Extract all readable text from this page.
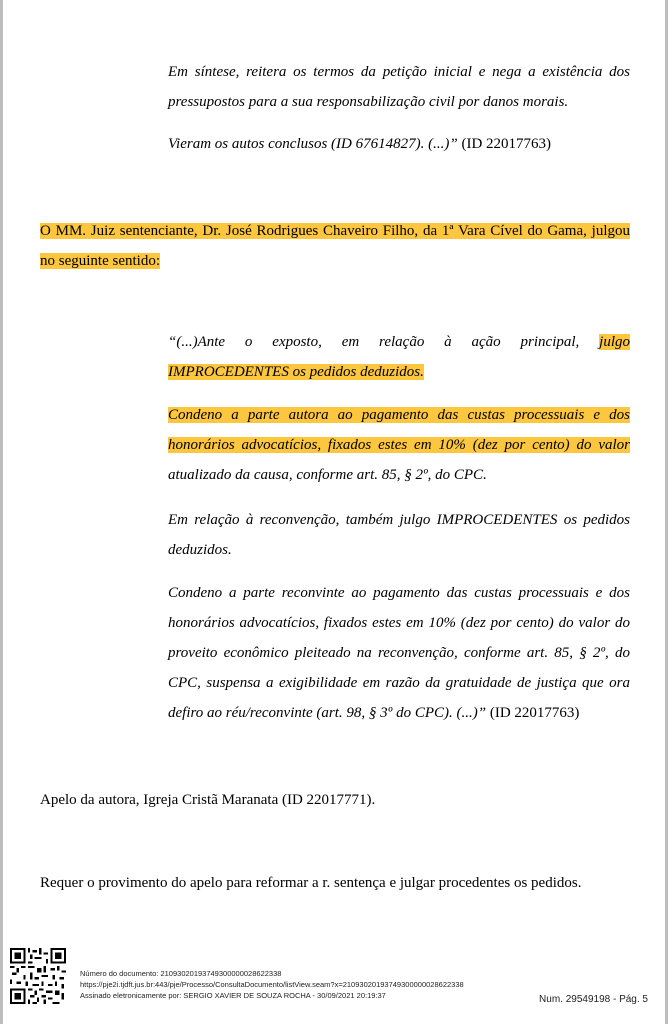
Em síntese, reitera os termos da petição inicial e nega a existência dos
pressupostos para a sua responsabilização civil por danos morais.

Vieram os autos conclusos (ID 67614827). (...)” (ID 22017763)

O MM. Juiz sentenciante, Dr. José Rodrigues Chaveiro Filho, da 1ª Vara Cível do Gama, julgou
no seguinte sentido:

“(...)Ante o exposto, em relação à ação principal, julgo
IMPROCEDENTES os pedidos deduzidos.

Condeno a parte autora ao pagamento das custas processuais e dos
honorários advocatícios, fixados estes em 10% (dez por cento) do valor
atualizado da causa, conforme art. 85, § 2º, do CPC.

Em relação à reconvenção, também julgo IMPROCEDENTES os pedidos deduzidos.

Condeno a parte reconvinte ao pagamento das custas processuais e dos honorários advocatícios, fixados estes em 10% (dez por cento) do valor do proveito econômico pleiteado na reconvenção, conforme art. 85, § 2º, do CPC, suspensa a exigibilidade em razão da gratuidade de justiça que ora defiro ao réu/reconvinte (art. 98, § 3º do CPC). (...)” (ID 22017763)

Apelo da autora, Igreja Cristã Maranata (ID 22017771).

Requer o provimento do apelo para reformar a r. sentença e julgar procedentes os pedidos.

Número do documento: 21093020193749300000028622338
https://pje2i.tjdft.jus.br:443/pje/Processo/ConsultaDocumento/listView.seam?x=21093020193749300000028622338
Assinado eletronicamente por: SERGIO XAVIER DE SOUZA ROCHA - 30/09/2021 20:19:37	Num. 29549198 - Pág. 5
